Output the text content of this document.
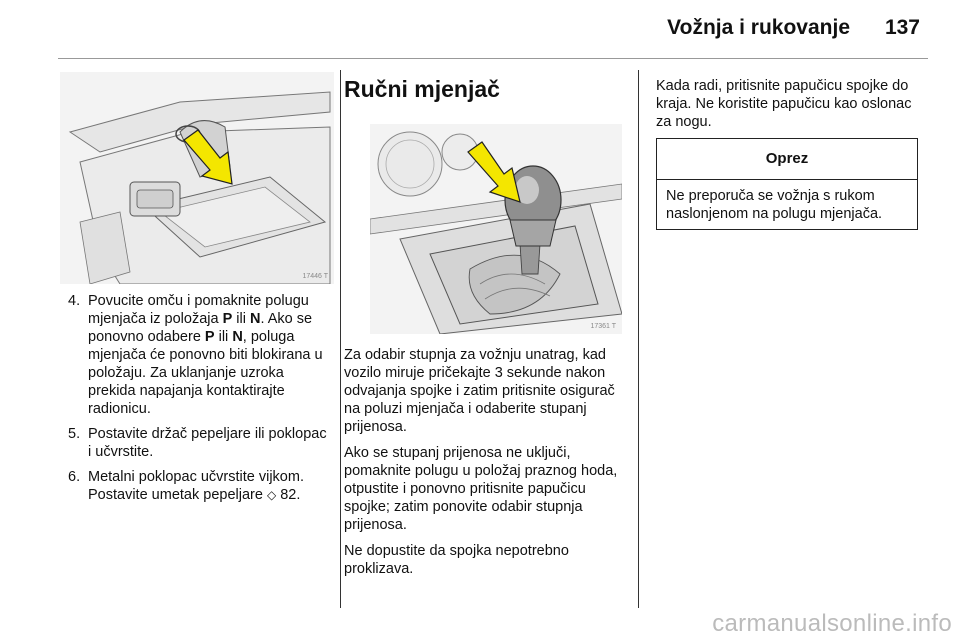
Vožnja i rukovanje	137
17446 T
4. Povucite omču i pomaknite polugu mjenjača iz položaja P ili N. Ako se ponovno odabere P ili N, poluga mjenjača će ponovno biti blokirana u položaju. Za uklanjanje uzroka prekida napajanja kontaktirajte radionicu.
5. Postavite držač pepeljare ili poklopac i učvrstite.
6. Metalni poklopac učvrstite vijkom. Postavite umetak pepeljare ◇ 82.
Ručni mjenjač
17361 T

Za odabir stupnja za vožnju unatrag, kad vozilo miruje pričekajte 3 sekunde nakon odvajanja spojke i zatim pritisnite osigurač na poluzi mjenjača i odaberite stupanj prijenosa.

Ako se stupanj prijenosa ne uključi, pomaknite polugu u položaj praznog hoda, otpustite i ponovno pritisnite papučicu spojke; zatim ponovite odabir stupnja prijenosa.

Ne dopustite da spojka nepotrebno proklizava.

Kada radi, pritisnite papučicu spojke do kraja. Ne koristite papučicu kao oslonac za nogu.

Oprez
Ne preporuča se vožnja s rukom naslonjenom na polugu mjenjača.
carmanualsonline.info
